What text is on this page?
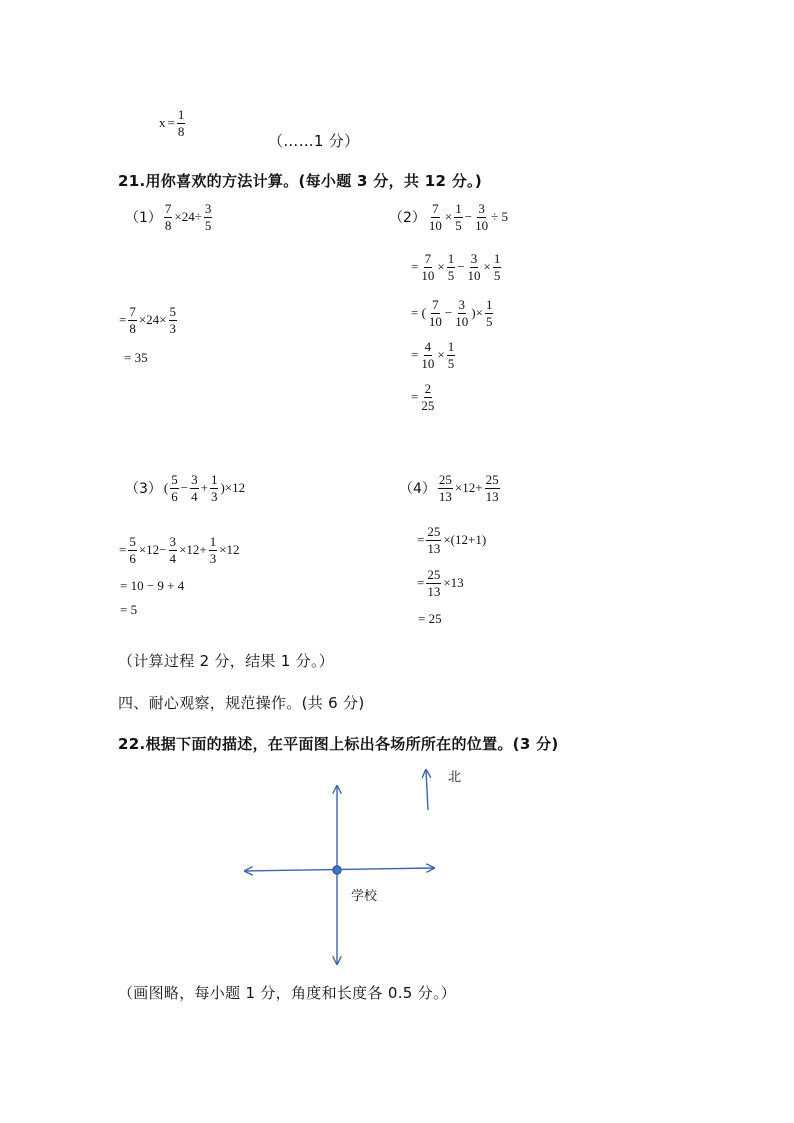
$x = \frac{1}{8}$
（……1 分）
21.用你喜欢的方法计算。(每小题 3 分，共 12 分。)
$(1) \frac{7}{8} \times 24\div \frac{3}{5}$
= $\frac{7}{8} \times 24\times \frac{5}{3}$
= 35
$(2) \frac{7}{10} \times \frac{1}{5} - \frac{3}{10} \div 5$
= $\frac{7}{10} \times \frac{1}{5} - \frac{3}{10} \times \frac{1}{5}$
= ( $\frac{7}{10} - \frac{3}{10}$ )× $\frac{1}{5}$
= $\frac{4}{10} \times \frac{1}{5}$
= $\frac{2}{25}$
（3） ( $\frac{5}{6} - \frac{3}{4} + \frac{1}{3} )\times 12$
= $\frac{5}{6} \times 12- \frac{3}{4} \times 12+ \frac{1}{3} \times 12$
= 10 − 9 + 4
= 5
$(4) \frac{25}{13} \times 12+ \frac{25}{13}$
= $\frac{25}{13} \times(12+1)$
= $\frac{25}{13} \times 13$
= 25
（计算过程 2 分，结果 1 分。）
四、耐心观察，规范操作。(共 6 分)
22.根据下面的描述，在平面图上标出各场所所在的位置。(3 分)
北
学校
（画图略，每小题 1 分，角度和长度各 0.5 分。）
